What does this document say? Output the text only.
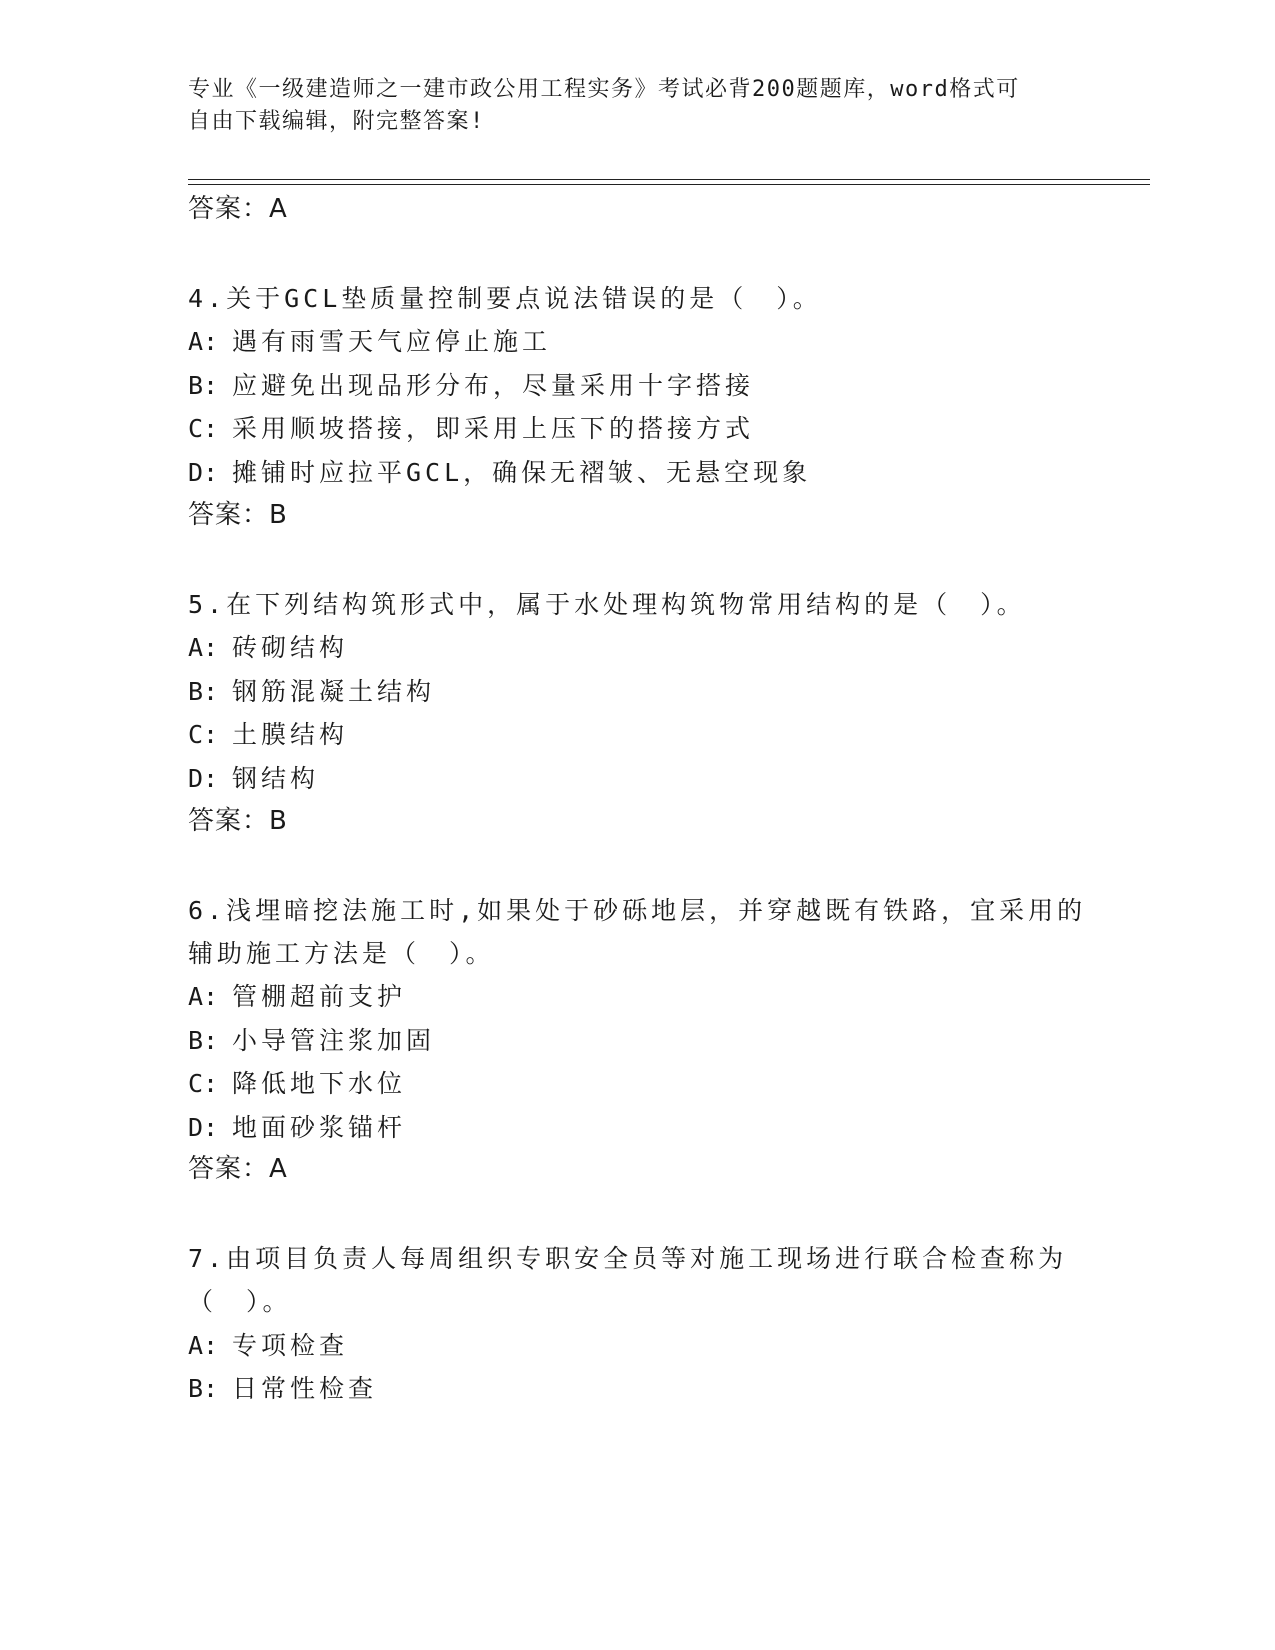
专业《一级建造师之一建市政公用工程实务》考试必背200题题库，word格式可
自由下载编辑，附完整答案!
答案：A
4.关于GCL垫质量控制要点说法错误的是（　）。
A: 遇有雨雪天气应停止施工
B: 应避免出现品形分布，尽量采用十字搭接
C: 采用顺坡搭接，即采用上压下的搭接方式
D: 摊铺时应拉平GCL，确保无褶皱、无悬空现象
答案：B
5.在下列结构筑形式中，属于水处理构筑物常用结构的是（　）。
A: 砖砌结构
B: 钢筋混凝土结构
C: 土膜结构
D: 钢结构
答案：B
6.浅埋暗挖法施工时,如果处于砂砾地层，并穿越既有铁路，宜采用的
辅助施工方法是（　）。
A: 管棚超前支护
B: 小导管注浆加固
C: 降低地下水位
D: 地面砂浆锚杆
答案：A
7.由项目负责人每周组织专职安全员等对施工现场进行联合检查称为
（　）。
A: 专项检查
B: 日常性检查
